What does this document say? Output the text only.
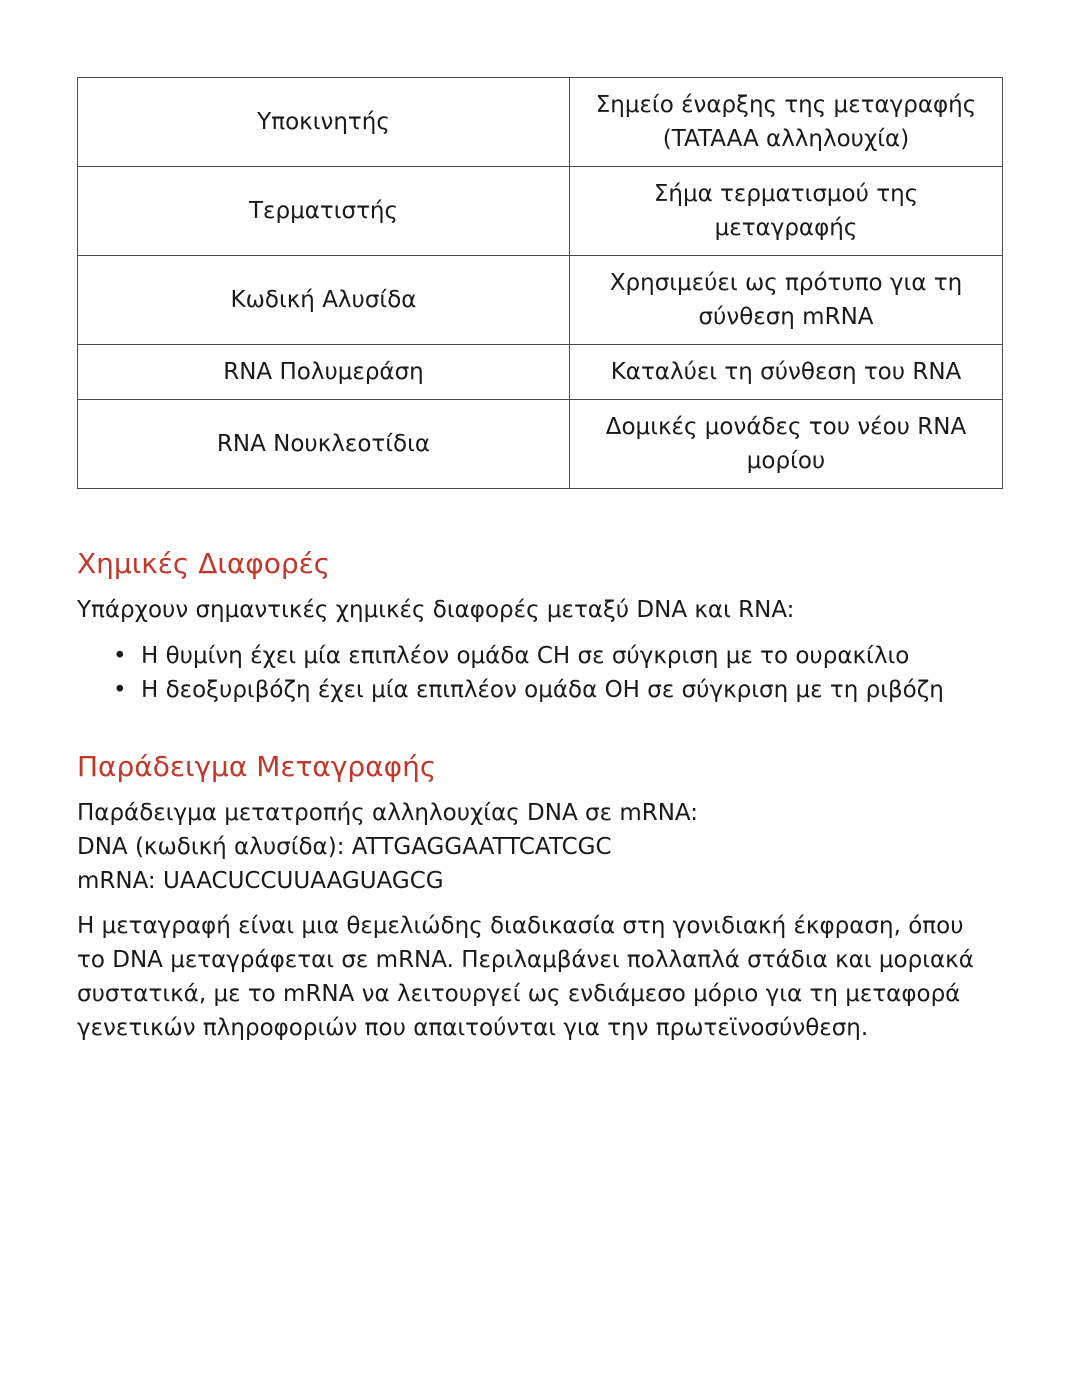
Υποκινητής	Σημείο έναρξης της μεταγραφής
(TATAAA αλληλουχία)

Τερματιστής	Σήμα τερματισμού της μεταγραφής

Κωδική Αλυσίδα	Χρησιμεύει ως πρότυπο για τη
σύνθεση mRNA

RNA Πολυμεράση	Καταλύει τη σύνθεση του RNA

RNA Νουκλεοτίδια	Δομικές μονάδες του νέου RNA
μορίου
Χημικές Διαφορές

Υπάρχουν σημαντικές χημικές διαφορές μεταξύ DNA και RNA:

• Η θυμίνη έχει μία επιπλέον ομάδα CH σε σύγκριση με το ουρακίλιο
• Η δεοξυριβόζη έχει μία επιπλέον ομάδα OH σε σύγκριση με τη ριβόζη
Παράδειγμα Μεταγραφής
Παράδειγμα μετατροπής αλληλουχίας DNA σε mRNA:
DNA (κωδική αλυσίδα): ATTGAGGAATTCATCGC
mRNA: UAACUCCUUAAGUAGCG
Η μεταγραφή είναι μια θεμελιώδης διαδικασία στη γονιδιακή έκφραση, όπου
το DNA μεταγράφεται σε mRNA. Περιλαμβάνει πολλαπλά στάδια και μοριακά
συστατικά, με το mRNA να λειτουργεί ως ενδιάμεσο μόριο για τη μεταφορά
γενετικών πληροφοριών που απαιτούνται για την πρωτεϊνοσύνθεση.
